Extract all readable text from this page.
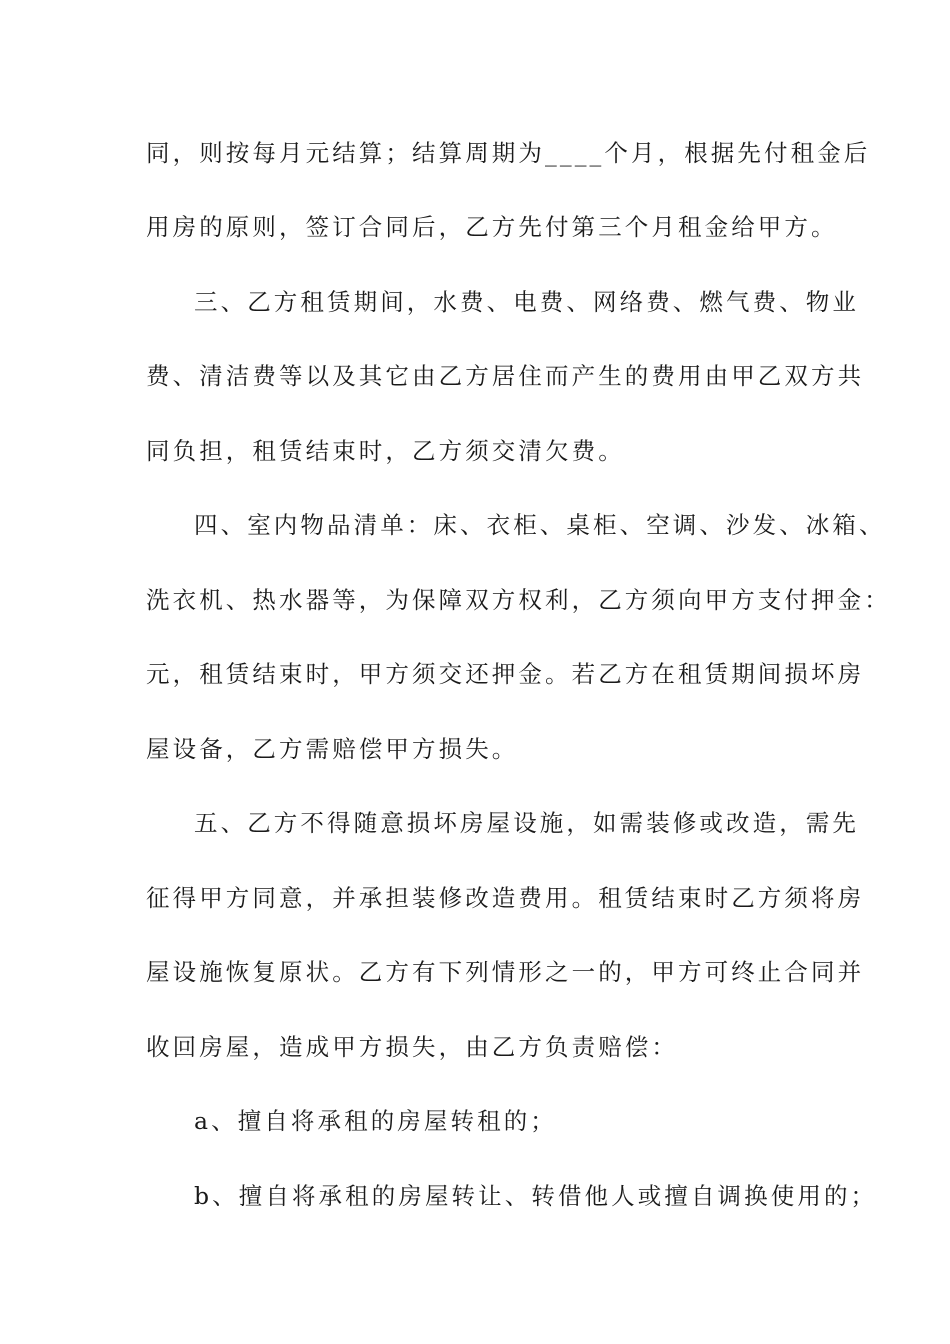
同，则按每月元结算；结算周期为____个月，根据先付租金后
用房的原则，签订合同后，乙方先付第三个月租金给甲方。
三、乙方租赁期间，水费、电费、网络费、燃气费、物业
费、清洁费等以及其它由乙方居住而产生的费用由甲乙双方共
同负担，租赁结束时，乙方须交清欠费。
四、室内物品清单：床、衣柜、桌柜、空调、沙发、冰箱、
洗衣机、热水器等，为保障双方权利，乙方须向甲方支付押金：
元，租赁结束时，甲方须交还押金。若乙方在租赁期间损坏房
屋设备，乙方需赔偿甲方损失。
五、乙方不得随意损坏房屋设施，如需装修或改造，需先
征得甲方同意，并承担装修改造费用。租赁结束时乙方须将房
屋设施恢复原状。乙方有下列情形之一的，甲方可终止合同并
收回房屋，造成甲方损失，由乙方负责赔偿：
a、擅自将承租的房屋转租的；
b、擅自将承租的房屋转让、转借他人或擅自调换使用的；
